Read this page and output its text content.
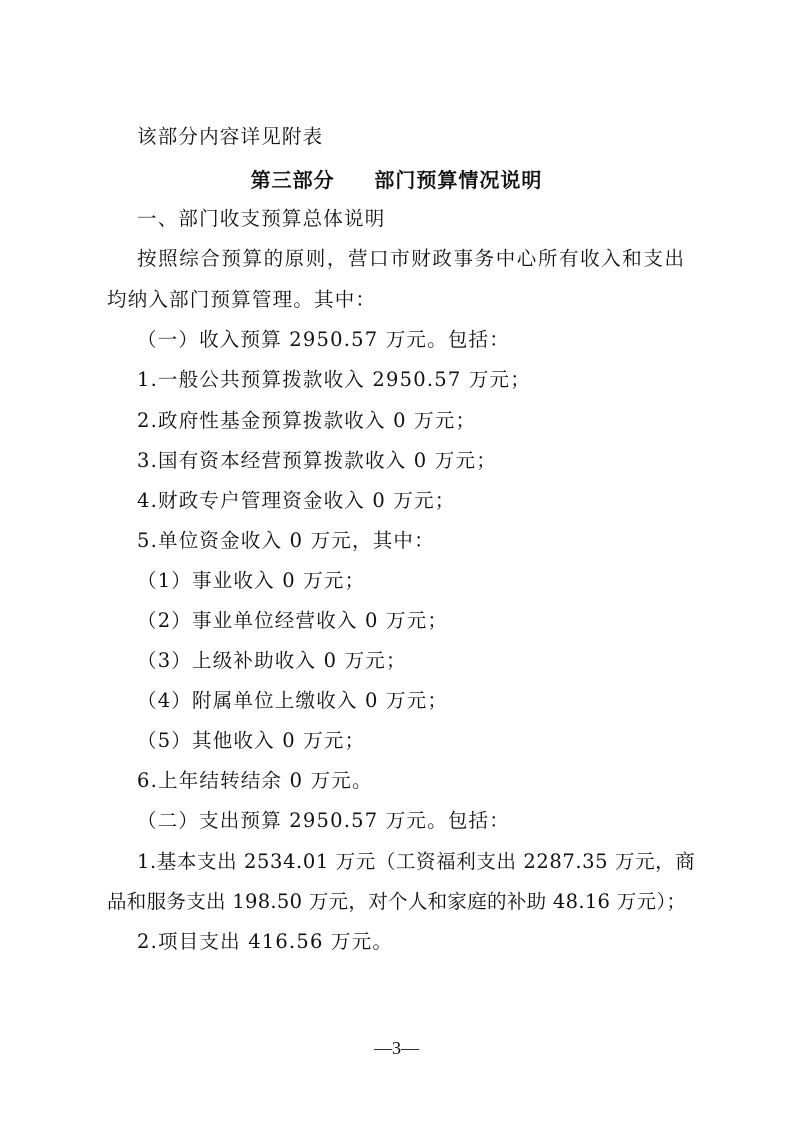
该部分内容详见附表
第三部分     部门预算情况说明
一、部门收支预算总体说明
按照综合预算的原则，营口市财政事务中心所有收入和支出
均纳入部门预算管理。其中：
（一）收入预算 2950.57 万元。包括：
1.一般公共预算拨款收入 2950.57 万元；
2.政府性基金预算拨款收入 0 万元；
3.国有资本经营预算拨款收入 0 万元；
4.财政专户管理资金收入 0 万元；
5.单位资金收入 0 万元，其中：
（1）事业收入 0 万元；
（2）事业单位经营收入 0 万元；
（3）上级补助收入 0 万元；
（4）附属单位上缴收入 0 万元；
（5）其他收入 0 万元；
6.上年结转结余 0 万元。
（二）支出预算 2950.57 万元。包括：
1.基本支出 2534.01 万元（工资福利支出 2287.35 万元，商
品和服务支出 198.50 万元，对个人和家庭的补助 48.16 万元）；
2.项目支出 416.56 万元。
—3—
